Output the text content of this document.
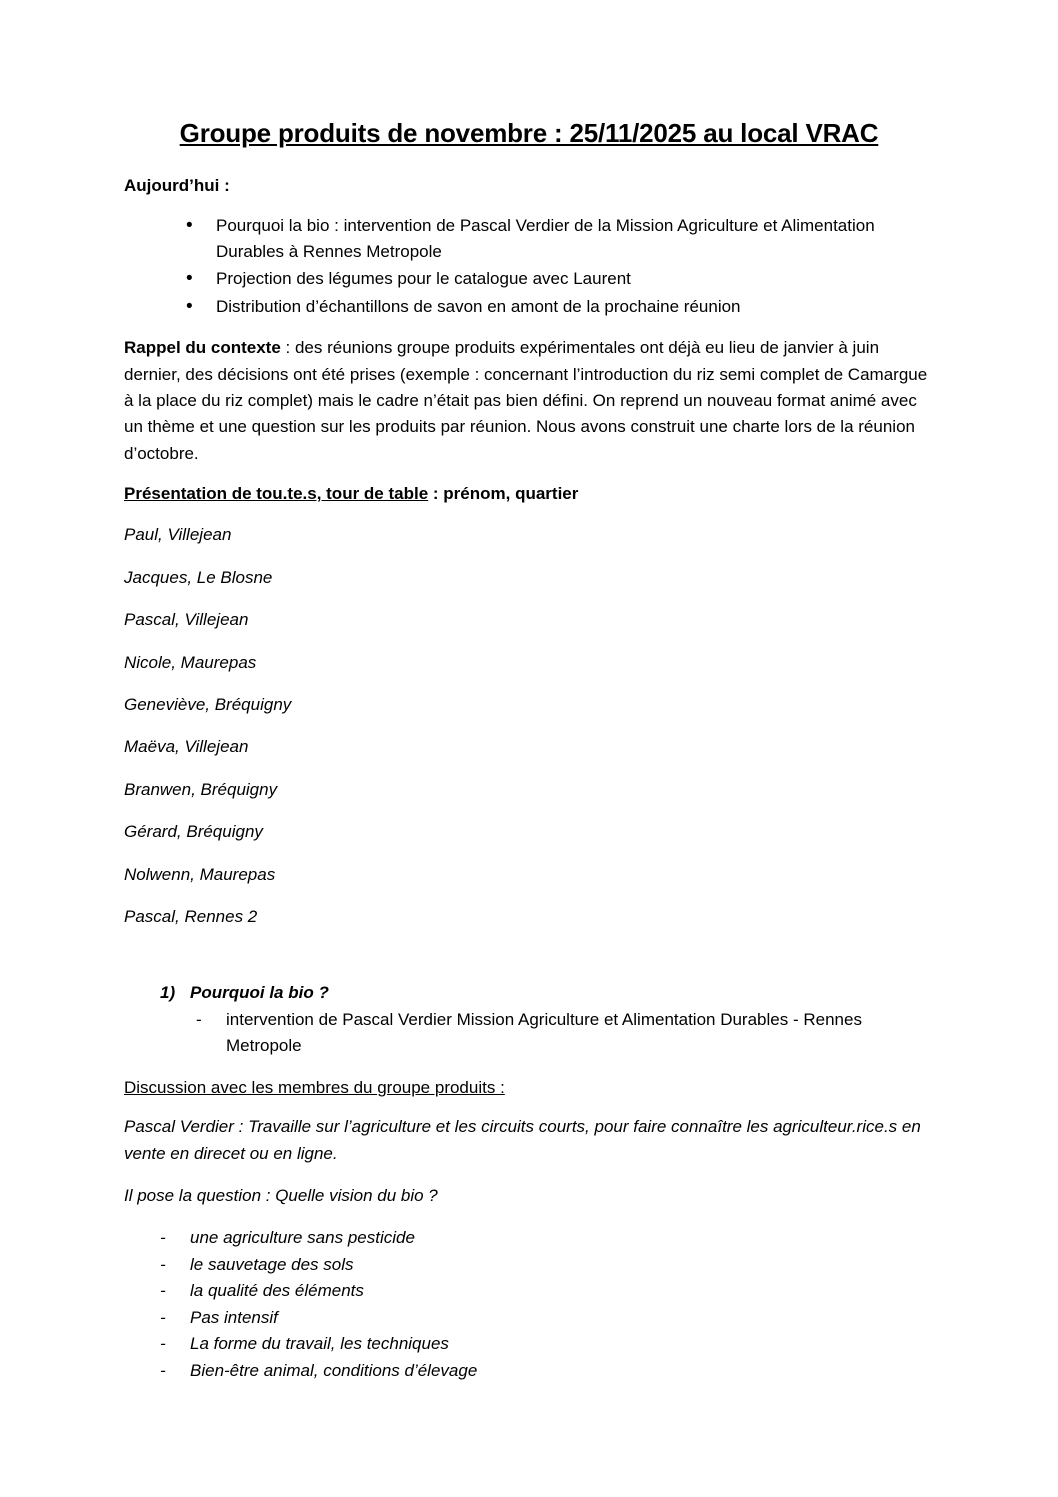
Groupe produits de novembre : 25/11/2025 au local VRAC

Aujourd’hui :

• Pourquoi la bio : intervention de Pascal Verdier de la Mission Agriculture et Alimentation Durables à Rennes Metropole
• Projection des légumes pour le catalogue avec Laurent
• Distribution d’échantillons de savon en amont de la prochaine réunion

Rappel du contexte : des réunions groupe produits expérimentales ont déjà eu lieu de janvier à juin dernier, des décisions ont été prises (exemple : concernant l’introduction du riz semi complet de Camargue à la place du riz complet) mais le cadre n’était pas bien défini. On reprend un nouveau format animé avec un thème et une question sur les produits par réunion. Nous avons construit une charte lors de la réunion d’octobre.

Présentation de tou.te.s, tour de table : prénom, quartier

Paul, Villejean

Jacques, Le Blosne

Pascal, Villejean

Nicole, Maurepas

Geneviève, Bréquigny

Maëva, Villejean

Branwen, Bréquigny

Gérard, Bréquigny

Nolwenn, Maurepas

Pascal, Rennes 2

1) Pourquoi la bio ?
- intervention de Pascal Verdier Mission Agriculture et Alimentation Durables - Rennes Metropole

Discussion avec les membres du groupe produits :

Pascal Verdier : Travaille sur l’agriculture et les circuits courts, pour faire connaître les agriculteur.rice.s en vente en direcet ou en ligne.

Il pose la question : Quelle vision du bio ?

- une agriculture sans pesticide
- le sauvetage des sols
- la qualité des éléments
- Pas intensif
- La forme du travail, les techniques
- Bien-être animal, conditions d’élevage
